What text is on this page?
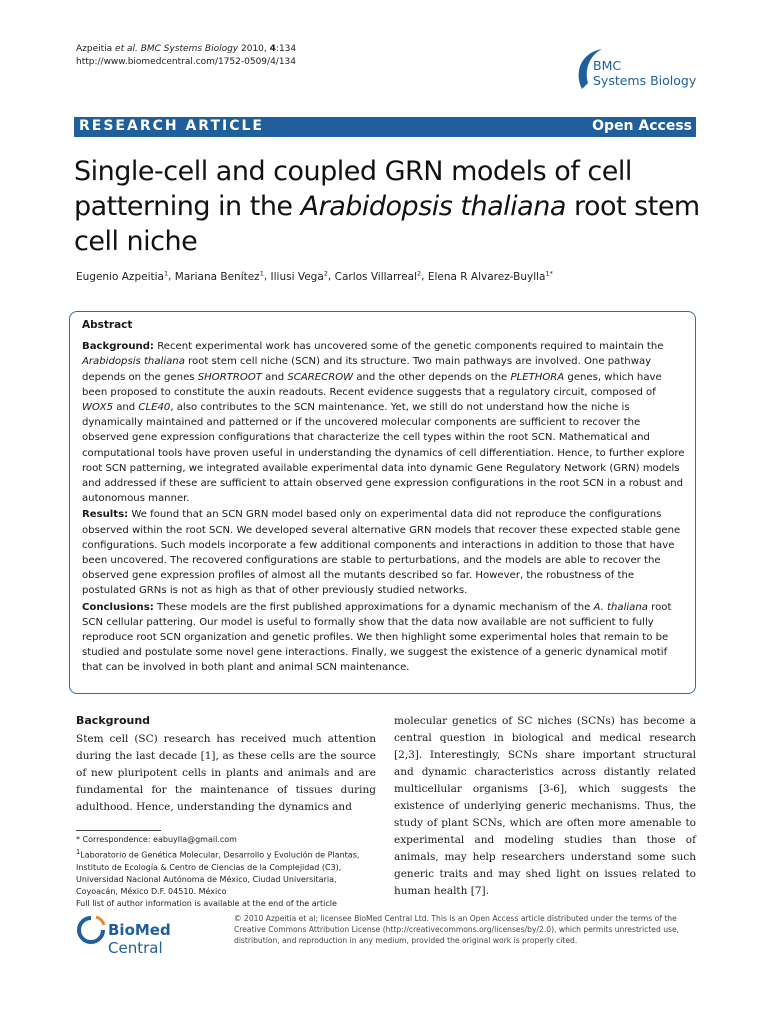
Azpeitia et al. BMC Systems Biology 2010, 4:134
http://www.biomedcentral.com/1752-0509/4/134	BMC
Systems Biology
RESEARCH ARTICLE	Open Access
Single-cell and coupled GRN models of cell patterning in the Arabidopsis thaliana root stem cell niche
Eugenio Azpeitia$^1$, Mariana Benítez$^1$, Iliusi Vega$^2$, Carlos Villarreal$^2$, Elena R Alvarez-Buylla$^{1*}$
Abstract

Background: Recent experimental work has uncovered some of the genetic components required to maintain the Arabidopsis thaliana root stem cell niche (SCN) and its structure. Two main pathways are involved. One pathway depends on the genes SHORTROOT and SCARECROW and the other depends on the PLETHORA genes, which have been proposed to constitute the auxin readouts. Recent evidence suggests that a regulatory circuit, composed of WOX5 and CLE40, also contributes to the SCN maintenance. Yet, we still do not understand how the niche is dynamically maintained and patterned or if the uncovered molecular components are sufficient to recover the observed gene expression configurations that characterize the cell types within the root SCN. Mathematical and computational tools have proven useful in understanding the dynamics of cell differentiation. Hence, to further explore root SCN patterning, we integrated available experimental data into dynamic Gene Regulatory Network (GRN) models and addressed if these are sufficient to attain observed gene expression configurations in the root SCN in a robust and autonomous manner.

Results: We found that an SCN GRN model based only on experimental data did not reproduce the configurations observed within the root SCN. We developed several alternative GRN models that recover these expected stable gene configurations. Such models incorporate a few additional components and interactions in addition to those that have been uncovered. The recovered configurations are stable to perturbations, and the models are able to recover the observed gene expression profiles of almost all the mutants described so far. However, the robustness of the postulated GRNs is not as high as that of other previously studied networks.

Conclusions: These models are the first published approximations for a dynamic mechanism of the A. thaliana root SCN cellular pattering. Our model is useful to formally show that the data now available are not sufficient to fully reproduce root SCN organization and genetic profiles. We then highlight some experimental holes that remain to be studied and postulate some novel gene interactions. Finally, we suggest the existence of a generic dynamical motif that can be involved in both plant and animal SCN maintenance.

Background
Stem cell (SC) research has received much attention during the last decade [1], as these cells are the source of new pluripotent cells in plants and animals and are fundamental for the maintenance of tissues during adulthood. Hence, understanding the dynamics and
molecular genetics of SC niches (SCNs) has become a central question in biological and medical research [2,3]. Interestingly, SCNs share important structural and dynamic characteristics across distantly related multicellular organisms [3-6], which suggests the existence of underlying generic mechanisms. Thus, the study of plant SCNs, which are often more amenable to experimental and modeling studies than those of animals, may help researchers understand some such generic traits and may shed light on issues related to human health [7].

* Correspondence: eabuylla@gmail.com

$^1$Laboratorio de Genética Molecular, Desarrollo y Evolución de Plantas, Instituto de Ecología & Centro de Ciencias de la Complejidad (C3), Universidad Nacional Autónoma de México, Ciudad Universitaria, Coyoacán, México D.F. 04510. México

Full list of author information is available at the end of the article

BioMed Central
© 2010 Azpeitia et al; licensee BioMed Central Ltd. This is an Open Access article distributed under the terms of the Creative Commons Attribution License (http://creativecommons.org/licenses/by/2.0), which permits unrestricted use, distribution, and reproduction in any medium, provided the original work is properly cited.
